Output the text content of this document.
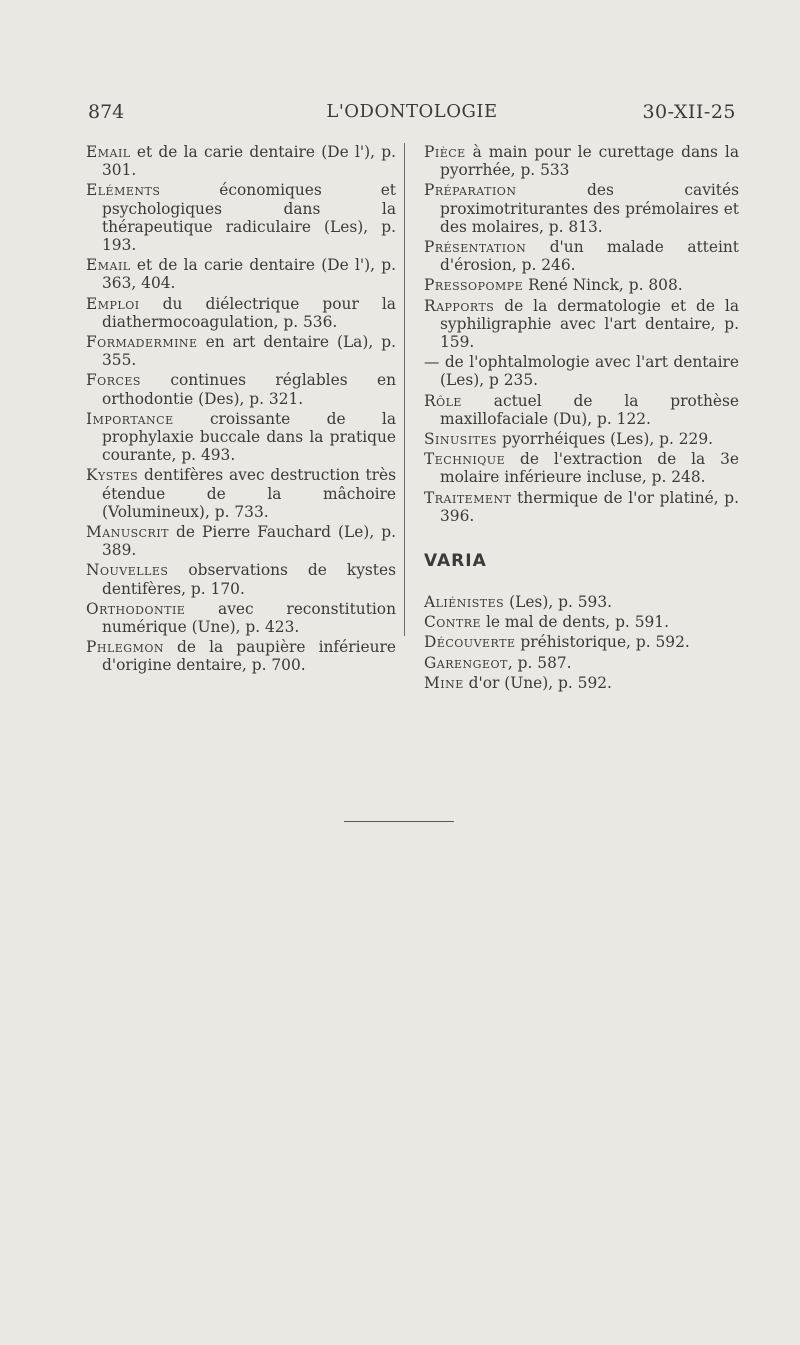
874	L'ODONTOLOGIE	30-XII-25

Email et de la carie dentaire (De l'), p. 301.

Eléments économiques et psychologiques dans la thérapeutique radiculaire (Les), p. 193.

Email et de la carie dentaire (De l'), p. 363, 404.

Emploi du diélectrique pour la diathermocoagulation, p. 536.

Formadermine en art dentaire (La), p. 355.

Forces continues réglables en orthodontie (Des), p. 321.

Importance croissante de la prophylaxie buccale dans la pratique courante, p. 493.

Kystes dentifères avec destruction très étendue de la mâchoire (Volumineux), p. 733.

Manuscrit de Pierre Fauchard (Le), p. 389.

Nouvelles observations de kystes dentifères, p. 170.

Orthodontie avec reconstitution numérique (Une), p. 423.

Phlegmon de la paupière inférieure d'origine dentaire, p. 700.

Pièce à main pour le curettage dans la pyorrhée, p. 533

Préparation des cavités proximotriturantes des prémolaires et des molaires, p. 813.

Présentation d'un malade atteint d'érosion, p. 246.

Pressopompe René Ninck, p. 808.

Rapports de la dermatologie et de la syphiligraphie avec l'art dentaire, p. 159.

— de l'ophtalmologie avec l'art dentaire (Les), p 235.

Rôle actuel de la prothèse maxillofaciale (Du), p. 122.

Sinusites pyorrhéiques (Les), p. 229.

Technique de l'extraction de la 3e molaire inférieure incluse, p. 248.

Traitement thermique de l'or platiné, p. 396.

VARIA

Aliénistes (Les), p. 593.

Contre le mal de dents, p. 591.

Découverte préhistorique, p. 592.

Garengeot, p. 587.

Mine d'or (Une), p. 592.
